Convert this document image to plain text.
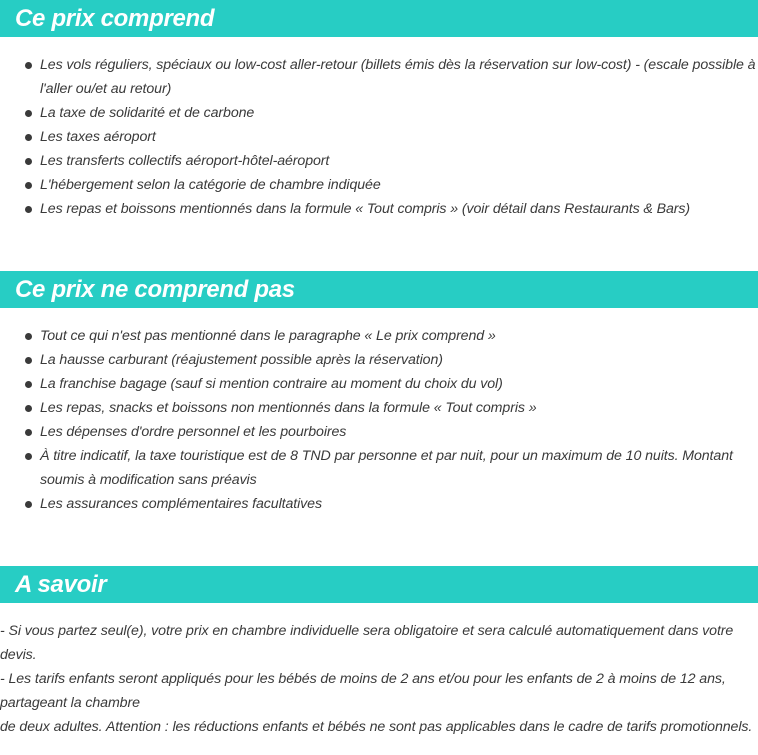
Ce prix comprend
Les vols réguliers, spéciaux ou low-cost aller-retour (billets émis dès la réservation sur low-cost) - (escale possible à l'aller ou/et au retour)
La taxe de solidarité et de carbone
Les taxes aéroport
Les transferts collectifs aéroport-hôtel-aéroport
L'hébergement selon la catégorie de chambre indiquée
Les repas et boissons mentionnés dans la formule « Tout compris » (voir détail dans Restaurants & Bars)
Ce prix ne comprend pas
Tout ce qui n'est pas mentionné dans le paragraphe « Le prix comprend »
La hausse carburant (réajustement possible après la réservation)
La franchise bagage (sauf si mention contraire au moment du choix du vol)
Les repas, snacks et boissons non mentionnés dans la formule « Tout compris »
Les dépenses d'ordre personnel et les pourboires
À titre indicatif, la taxe touristique est de 8 TND par personne et par nuit, pour un maximum de 10 nuits. Montant soumis à modification sans préavis
Les assurances complémentaires facultatives
A savoir

- Si vous partez seul(e), votre prix en chambre individuelle sera obligatoire et sera calculé automatiquement dans votre devis.

- Les tarifs enfants seront appliqués pour les bébés de moins de 2 ans et/ou pour les enfants de 2 à moins de 12 ans, partageant la chambre

de deux adultes. Attention : les réductions enfants et bébés ne sont pas applicables dans le cadre de tarifs promotionnels.
